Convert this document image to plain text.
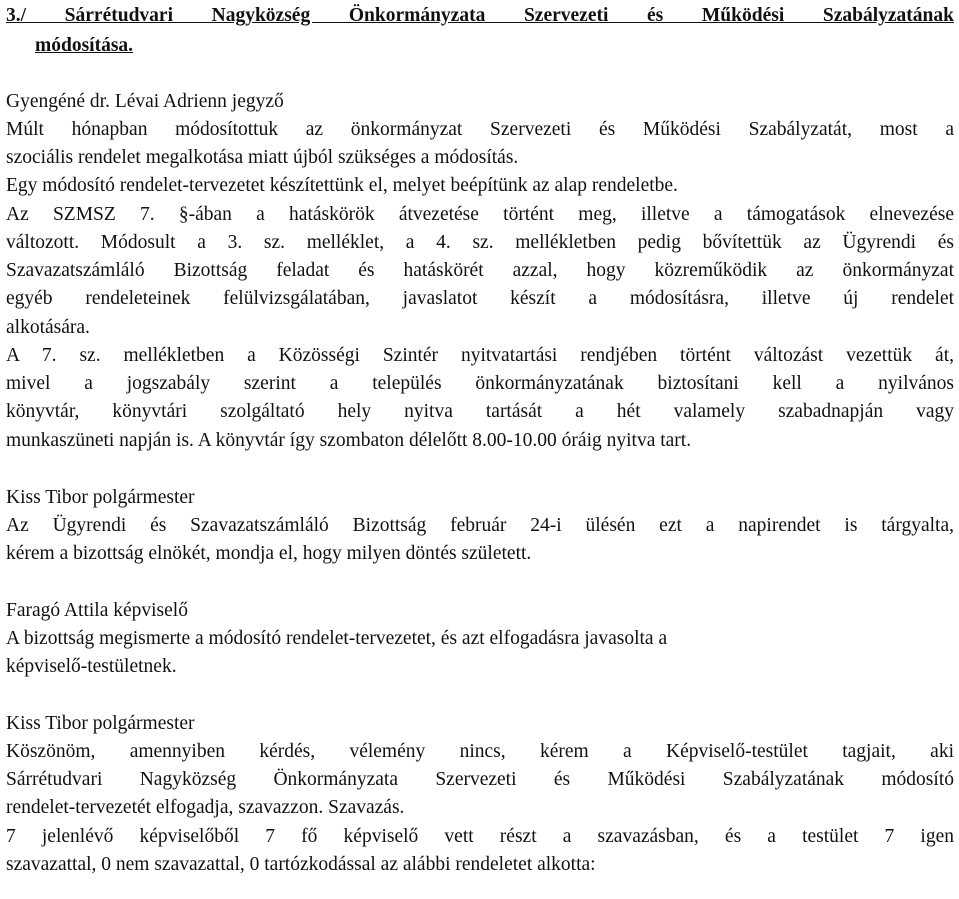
3./ Sárrétudvari Nagyközség Önkormányzata Szervezeti és Működési Szabályzatának
módosítása.
Gyengéné dr. Lévai Adrienn jegyző
Múlt hónapban módosítottuk az önkormányzat Szervezeti és Működési Szabályzatát, most a
szociális rendelet megalkotása miatt újból szükséges a módosítás.
Egy módosító rendelet-tervezetet készítettünk el, melyet beépítünk az alap rendeletbe.
Az SZMSZ 7. §-ában a hatáskörök átvezetése történt meg, illetve a támogatások elnevezése
változott. Módosult a 3. sz. melléklet, a 4. sz. mellékletben pedig bővítettük az Ügyrendi és
Szavazatszámláló Bizottság feladat és hatáskörét azzal, hogy közreműködik az önkormányzat
egyéb rendeleteinek felülvizsgálatában, javaslatot készít a módosításra, illetve új rendelet
alkotására.
A 7. sz. mellékletben a Közösségi Szintér nyitvatartási rendjében történt változást vezettük át,
mivel a jogszabály szerint a település önkormányzatának biztosítani kell a nyilvános
könyvtár, könyvtári szolgáltató hely nyitva tartását a hét valamely szabadnapján vagy
munkaszüneti napján is. A könyvtár így szombaton délelőtt 8.00-10.00 óráig nyitva tart.
Kiss Tibor polgármester
Az Ügyrendi és Szavazatszámláló Bizottság február 24-i ülésén ezt a napirendet is tárgyalta,
kérem a bizottság elnökét, mondja el, hogy milyen döntés született.
Faragó Attila képviselő
A bizottság megismerte a módosító rendelet-tervezetet, és azt elfogadásra javasolta a
képviselő-testületnek.
Kiss Tibor polgármester
Köszönöm, amennyiben kérdés, vélemény nincs, kérem a Képviselő-testület tagjait, aki
Sárrétudvari Nagyközség Önkormányzata Szervezeti és Működési Szabályzatának módosító
rendelet-tervezetét elfogadja, szavazzon. Szavazás.
7 jelenlévő képviselőből 7 fő képviselő vett részt a szavazásban, és a testület 7 igen
szavazattal, 0 nem szavazattal, 0 tartózkodással az alábbi rendeletet alkotta:
